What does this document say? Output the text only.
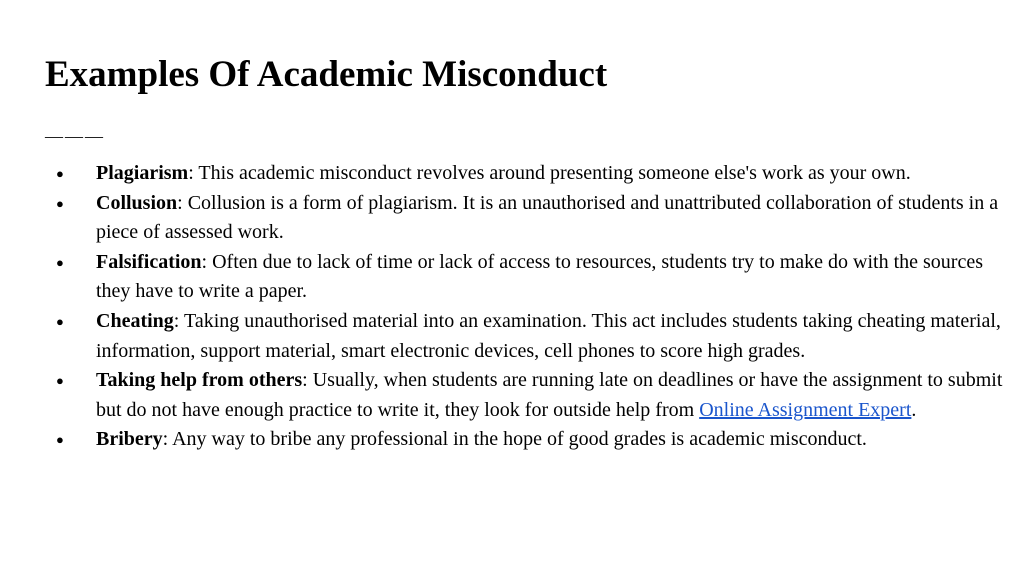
Examples Of Academic Misconduct
———
● Plagiarism: This academic misconduct revolves around presenting someone else's work as your own.
● Collusion: Collusion is a form of plagiarism. It is an unauthorised and unattributed collaboration of students in a piece of assessed work.
● Falsification: Often due to lack of time or lack of access to resources, students try to make do with the sources they have to write a paper.
● Cheating: Taking unauthorised material into an examination. This act includes students taking cheating material, information, support material, smart electronic devices, cell phones to score high grades.
● Taking help from others: Usually, when students are running late on deadlines or have the assignment to submit but do not have enough practice to write it, they look for outside help from Online Assignment Expert.
● Bribery: Any way to bribe any professional in the hope of good grades is academic misconduct.
